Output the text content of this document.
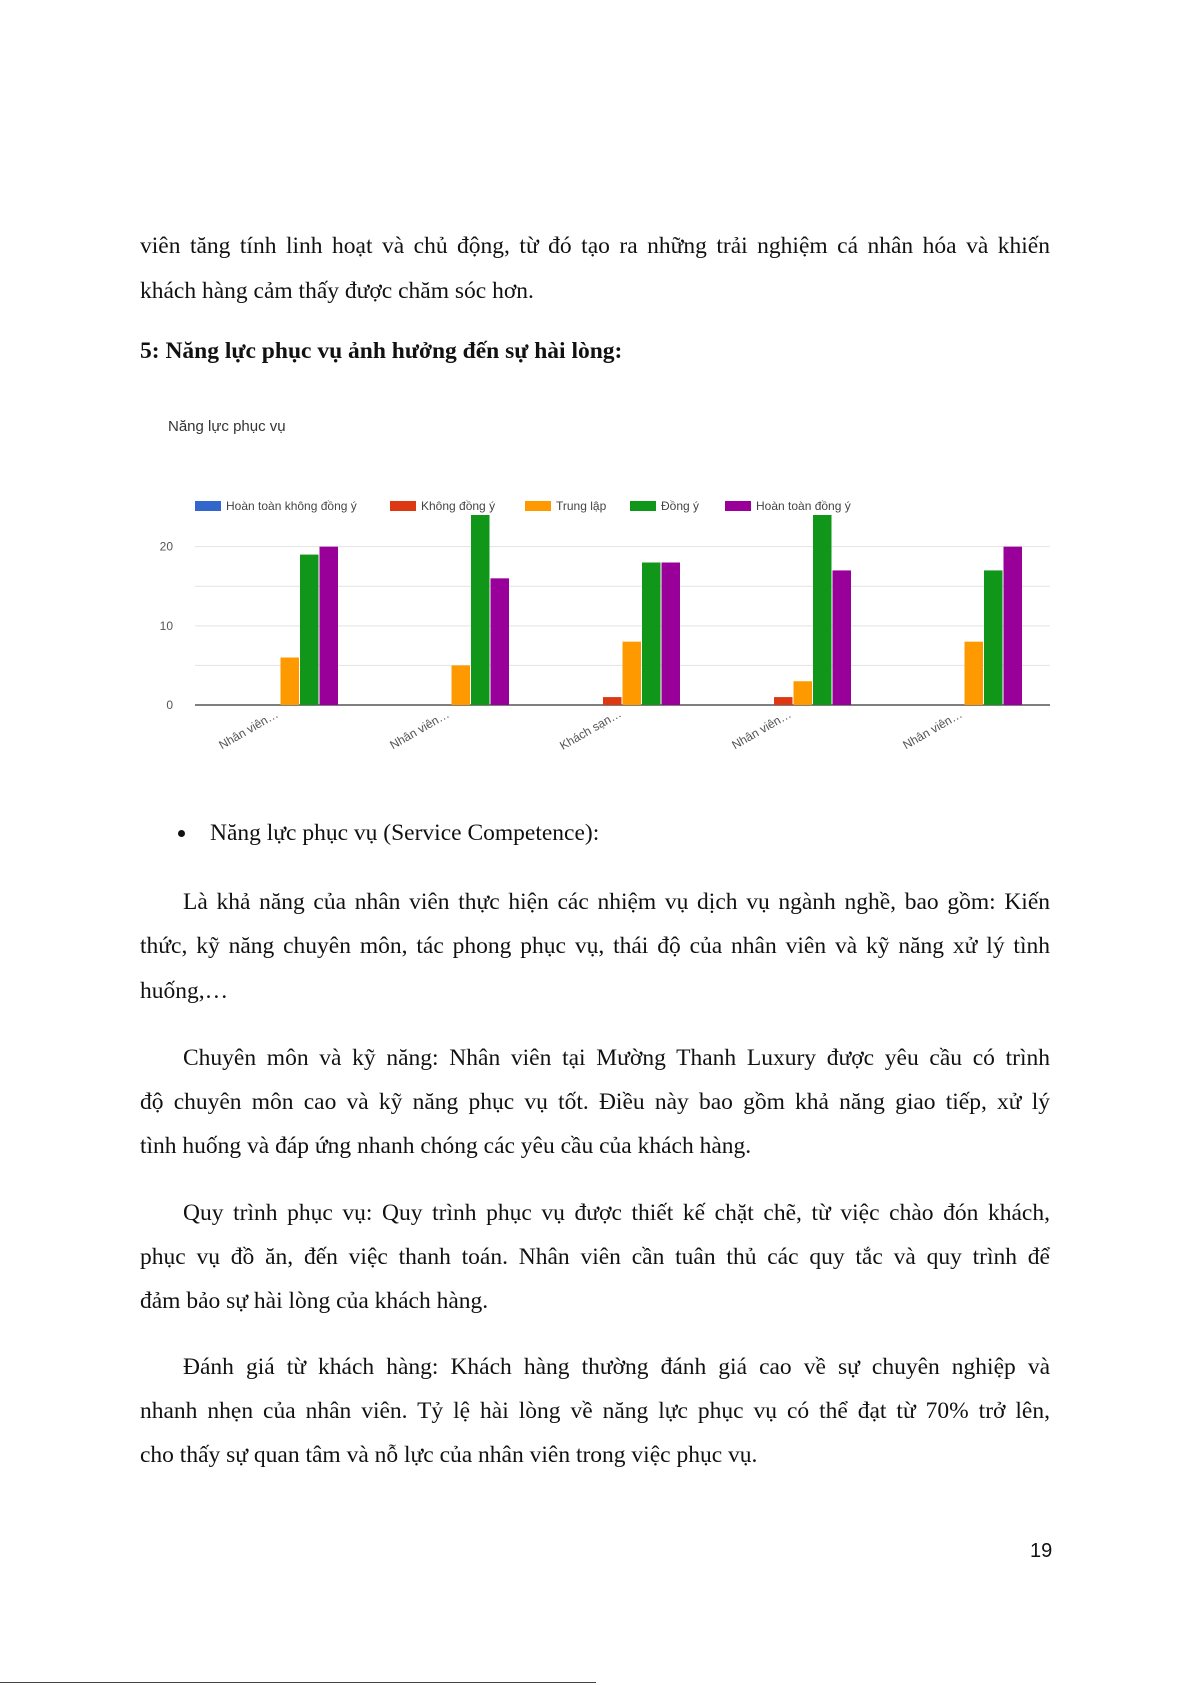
viên tăng tính linh hoạt và chủ động, từ đó tạo ra những trải nghiệm cá nhân hóa và khiến
khách hàng cảm thấy được chăm sóc hơn.
5: Năng lực phục vụ ảnh hưởng đến sự hài lòng:
Năng lực phục vụ
Hoàn toàn không đồng ý	Không đồng ý	Trung lập	Đồng ý	Hoàn toàn đồng ý
0
10
20
Nhân viên…	Nhân viên…	Khách sạn…	Nhân viên…	Nhân viên…
Năng lực phục vụ (Service Competence):
Là khả năng của nhân viên thực hiện các nhiệm vụ dịch vụ ngành nghề, bao gồm: Kiến
thức, kỹ năng chuyên môn, tác phong phục vụ, thái độ của nhân viên và kỹ năng xử lý tình
huống,…
Chuyên môn và kỹ năng: Nhân viên tại Mường Thanh Luxury được yêu cầu có trình
độ chuyên môn cao và kỹ năng phục vụ tốt. Điều này bao gồm khả năng giao tiếp, xử lý
tình huống và đáp ứng nhanh chóng các yêu cầu của khách hàng.
Quy trình phục vụ: Quy trình phục vụ được thiết kế chặt chẽ, từ việc chào đón khách,
phục vụ đồ ăn, đến việc thanh toán. Nhân viên cần tuân thủ các quy tắc và quy trình để
đảm bảo sự hài lòng của khách hàng.
Đánh giá từ khách hàng: Khách hàng thường đánh giá cao về sự chuyên nghiệp và
nhanh nhẹn của nhân viên. Tỷ lệ hài lòng về năng lực phục vụ có thể đạt từ 70% trở lên,
cho thấy sự quan tâm và nỗ lực của nhân viên trong việc phục vụ.
19
